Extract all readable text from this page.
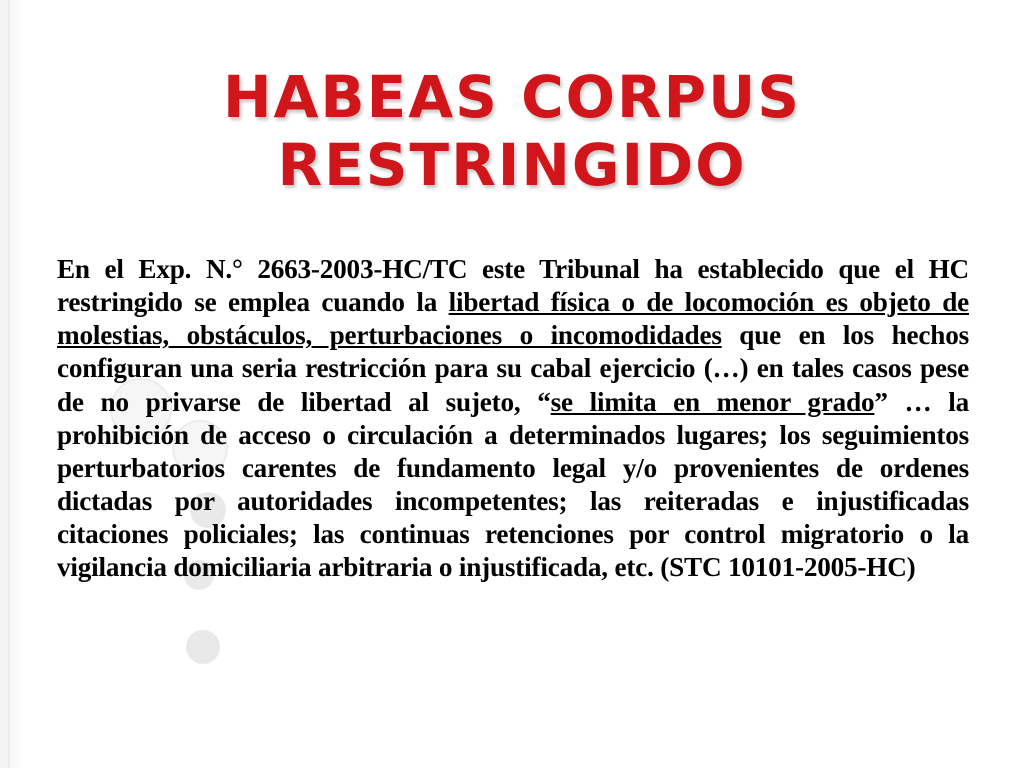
HABEAS CORPUS
RESTRINGIDO

En el Exp. N.° 2663-2003-HC/TC este Tribunal ha establecido que el HC restringido se emplea cuando la libertad física o de locomoción es objeto de molestias, obstáculos, perturbaciones o incomodidades que en los hechos configuran una seria restricción para su cabal ejercicio (…) en tales casos pese de no privarse de libertad al sujeto, “se limita en menor grado” … la prohibición de acceso o circulación a determinados lugares; los seguimientos perturbatorios carentes de fundamento legal y/o provenientes de ordenes dictadas por autoridades incompetentes; las reiteradas e injustificadas citaciones policiales; las continuas retenciones por control migratorio o la vigilancia domiciliaria arbitraria o injustificada, etc. (STC 10101-2005-HC)
